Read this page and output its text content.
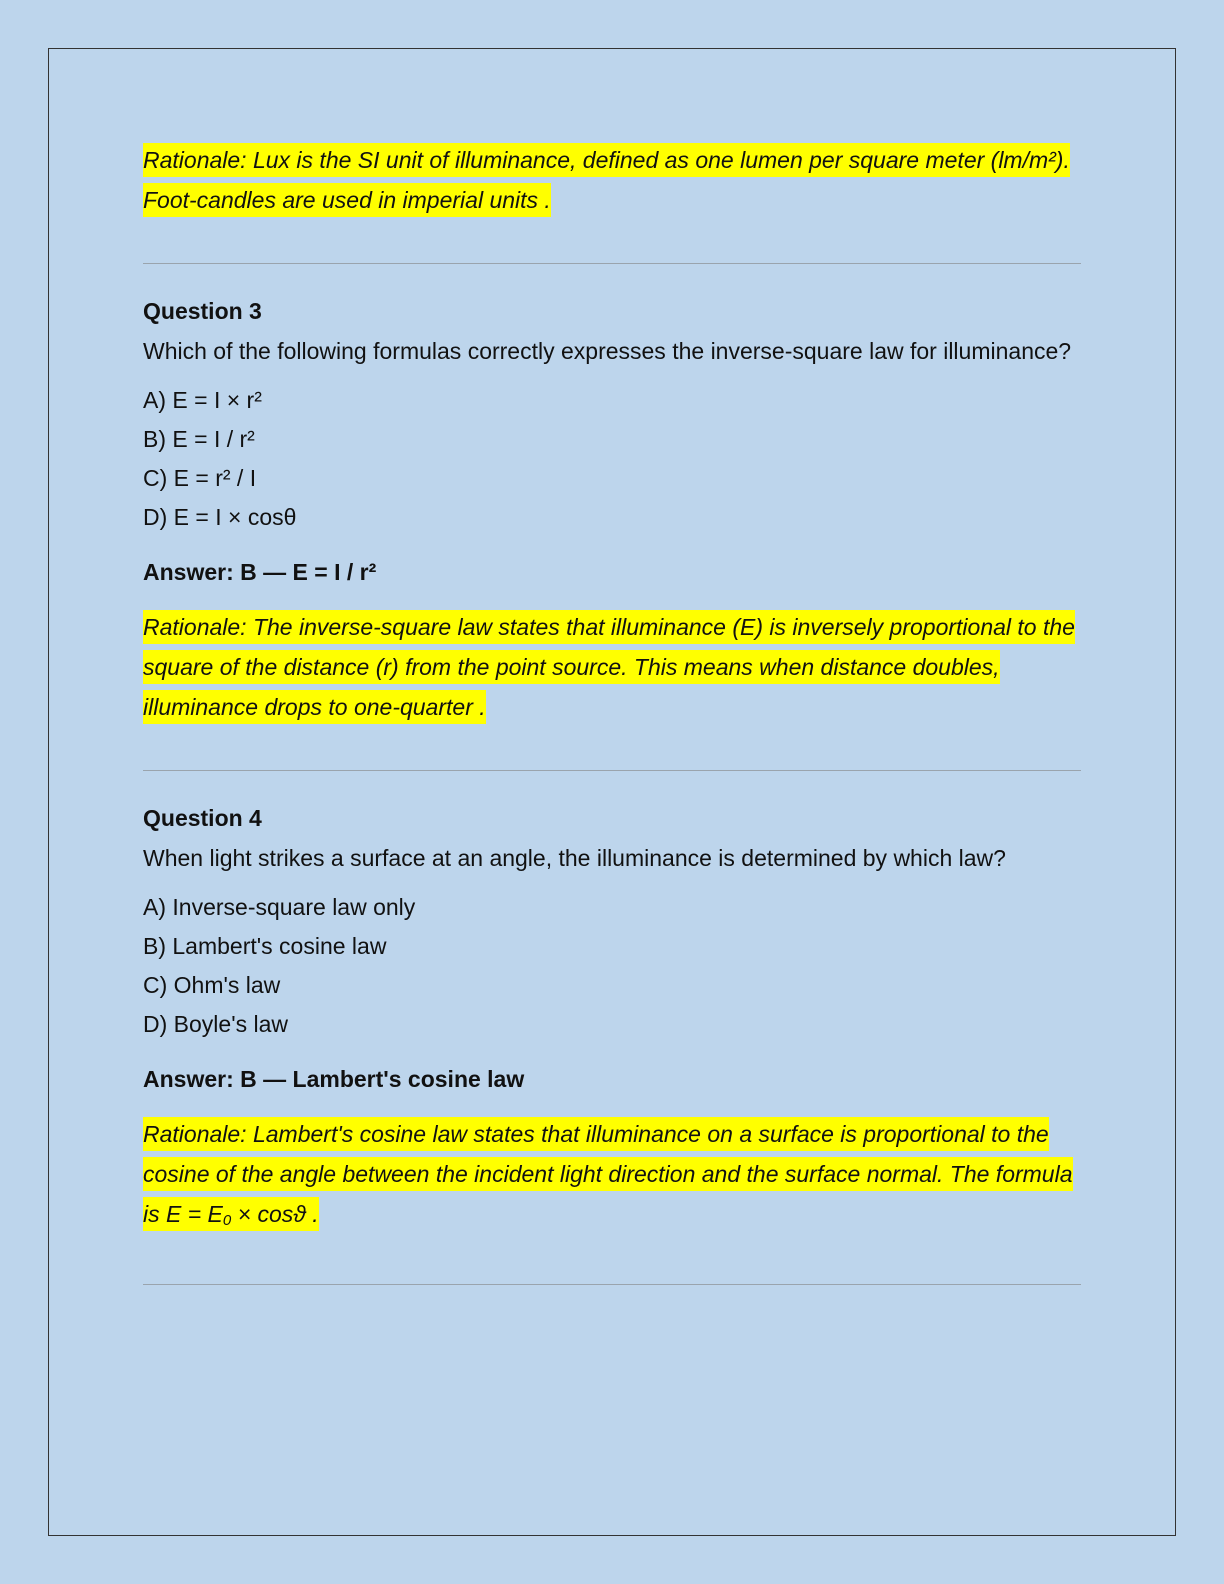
Rationale: Lux is the SI unit of illuminance, defined as one lumen per square meter (lm/m²). Foot-candles are used in imperial units .

Question 3

Which of the following formulas correctly expresses the inverse-square law for illuminance?

A) E = I × r²
B) E = I / r²
C) E = r² / I
D) E = I × cosθ

Answer: B — E = I / r²

Rationale: The inverse-square law states that illuminance (E) is inversely proportional to the square of the distance (r) from the point source. This means when distance doubles, illuminance drops to one-quarter .

Question 4

When light strikes a surface at an angle, the illuminance is determined by which law?

A) Inverse-square law only
B) Lambert's cosine law
C) Ohm's law
D) Boyle's law

Answer: B — Lambert's cosine law

Rationale: Lambert's cosine law states that illuminance on a surface is proportional to the cosine of the angle between the incident light direction and the surface normal. The formula is $E = E_0 \times \cos ϑ$ .
